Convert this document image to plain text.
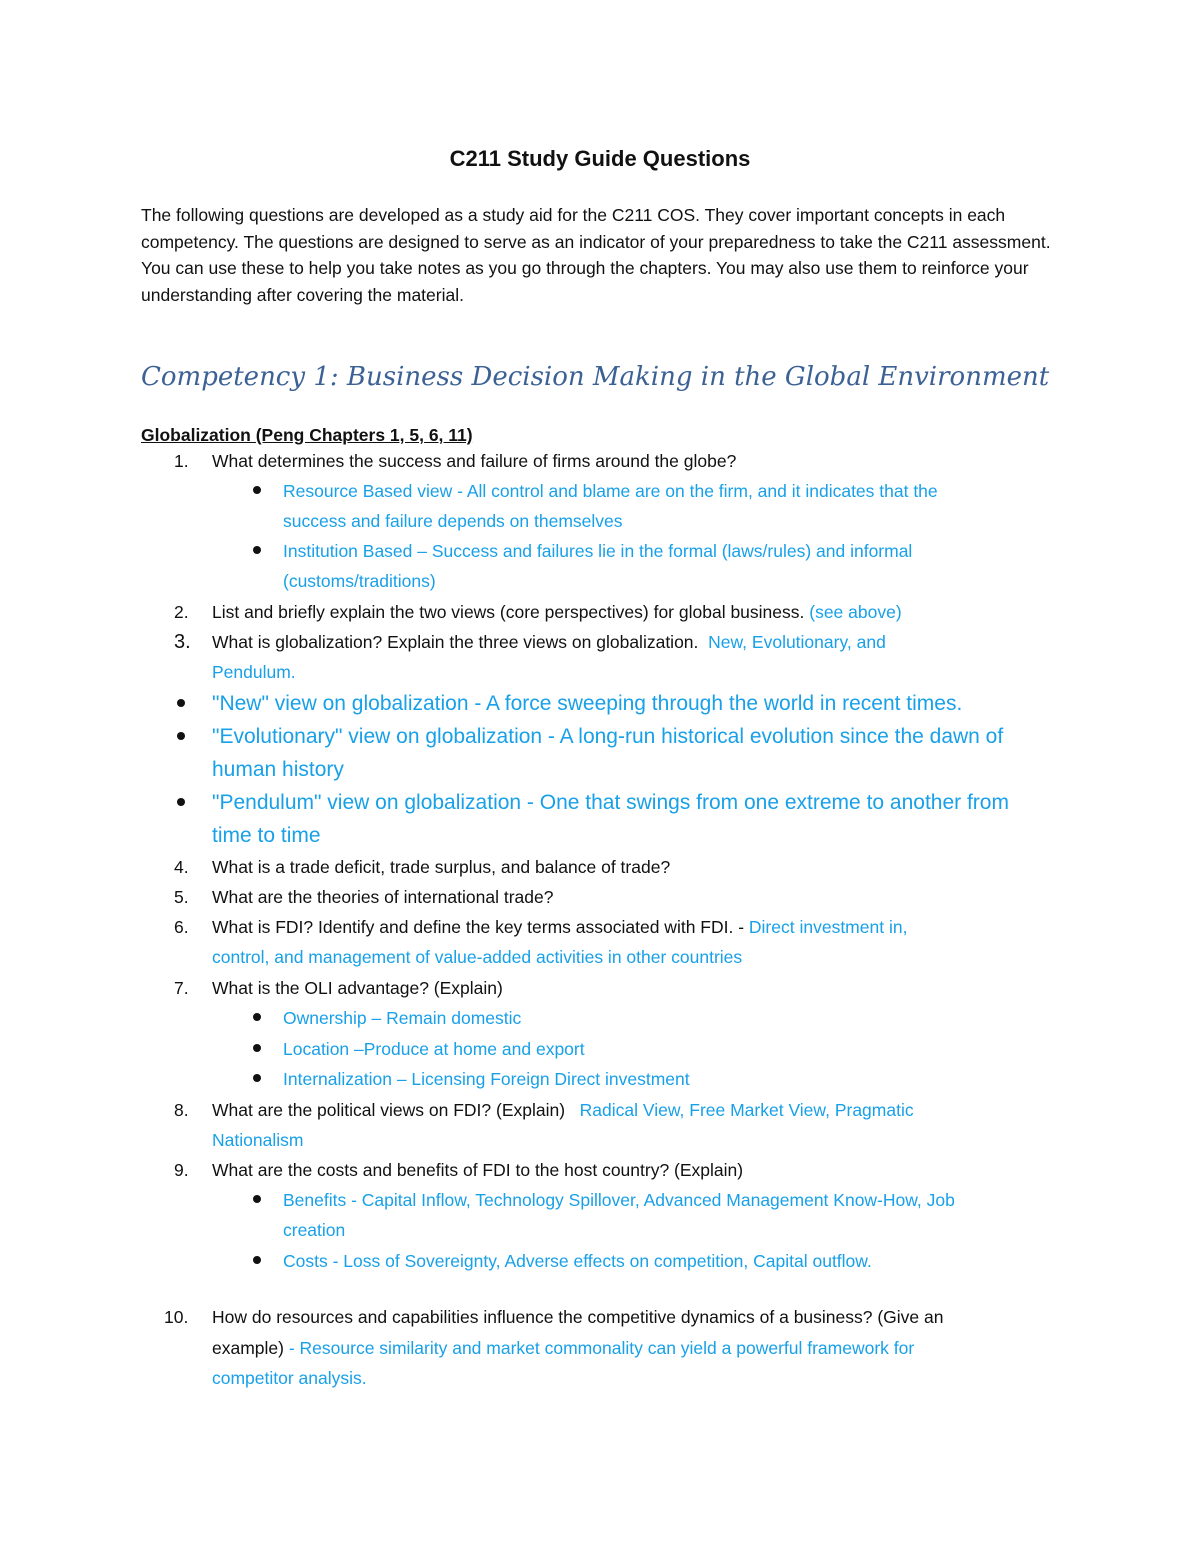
C211 Study Guide Questions

The following questions are developed as a study aid for the C211 COS. They cover important concepts in each competency. The questions are designed to serve as an indicator of your preparedness to take the C211 assessment. You can use these to help you take notes as you go through the chapters. You may also use them to reinforce your understanding after covering the material.

Competency 1: Business Decision Making in the Global Environment
Globalization (Peng Chapters 1, 5, 6, 11)
1. What determines the success and failure of firms around the globe?
Resource Based view - All control and blame are on the firm, and it indicates that the
success and failure depends on themselves
Institution Based – Success and failures lie in the formal (laws/rules) and informal
(customs/traditions)
2. List and briefly explain the two views (core perspectives) for global business. (see above)
3. What is globalization? Explain the three views on globalization. New, Evolutionary, and
Pendulum.
"New" view on globalization - A force sweeping through the world in recent times.
"Evolutionary" view on globalization - A long-run historical evolution since the dawn of
human history
"Pendulum" view on globalization - One that swings from one extreme to another from
time to time
4. What is a trade deficit, trade surplus, and balance of trade?
5. What are the theories of international trade?
6. What is FDI? Identify and define the key terms associated with FDI. - Direct investment in,
control, and management of value-added activities in other countries
7. What is the OLI advantage? (Explain)
Ownership – Remain domestic
Location –Produce at home and export
Internalization – Licensing Foreign Direct investment
8. What are the political views on FDI? (Explain) Radical View, Free Market View, Pragmatic
Nationalism
9. What are the costs and benefits of FDI to the host country? (Explain)
Benefits - Capital Inflow, Technology Spillover, Advanced Management Know-How, Job
creation
Costs - Loss of Sovereignty, Adverse effects on competition, Capital outflow.
10. How do resources and capabilities influence the competitive dynamics of a business? (Give an
example) - Resource similarity and market commonality can yield a powerful framework for
competitor analysis.
